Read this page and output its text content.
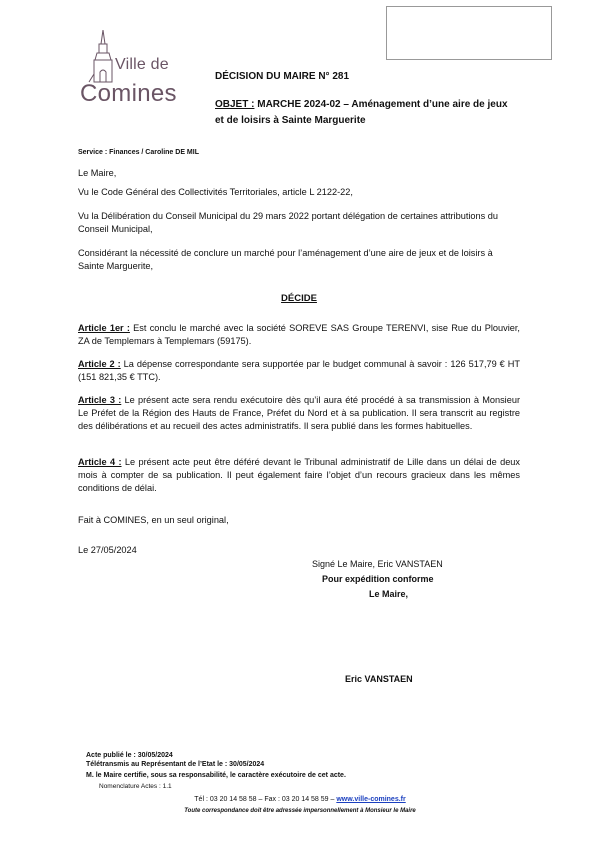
Ville de
Comines
DÉCISION DU MAIRE N° 281
OBJET : MARCHE 2024-02 – Aménagement d’une aire de jeux et de loisirs à Sainte Marguerite
Service : Finances / Caroline DE MIL
Le Maire,
Vu le Code Général des Collectivités Territoriales, article L 2122-22,
Vu la Délibération du Conseil Municipal du 29 mars 2022 portant délégation de certaines attributions du Conseil Municipal,
Considérant la nécessité de conclure un marché pour l’aménagement d’une aire de jeux et de loisirs à Sainte Marguerite,
DÉCIDE
Article 1er : Est conclu le marché avec la société SOREVE SAS Groupe TERENVI, sise Rue du Plouvier, ZA de Templemars à Templemars (59175).
Article 2 : La dépense correspondante sera supportée par le budget communal à savoir : 126 517,79 € HT (151 821,35 € TTC).
Article 3 : Le présent acte sera rendu exécutoire dès qu’il aura été procédé à sa transmission à Monsieur Le Préfet de la Région des Hauts de France, Préfet du Nord et à sa publication. Il sera transcrit au registre des délibérations et au recueil des actes administratifs. Il sera publié dans les formes habituelles.
Article 4 : Le présent acte peut être déféré devant le Tribunal administratif de Lille dans un délai de deux mois à compter de sa publication. Il peut également faire l’objet d’un recours gracieux dans les mêmes conditions de délai.
Fait à COMINES, en un seul original,
Le 27/05/2024
Signé Le Maire, Eric VANSTAEN
Pour expédition conforme
Le Maire,
Eric VANSTAEN
Acte publié le : 30/05/2024
Télétransmis au Représentant de l’Etat le : 30/05/2024
M. le Maire certifie, sous sa responsabilité, le caractère exécutoire de cet acte.
Nomenclature Actes : 1.1
Tél : 03 20 14 58 58 – Fax : 03 20 14 58 59 – www.ville-comines.fr
Toute correspondance doit être adressée impersonnellement à Monsieur le Maire
